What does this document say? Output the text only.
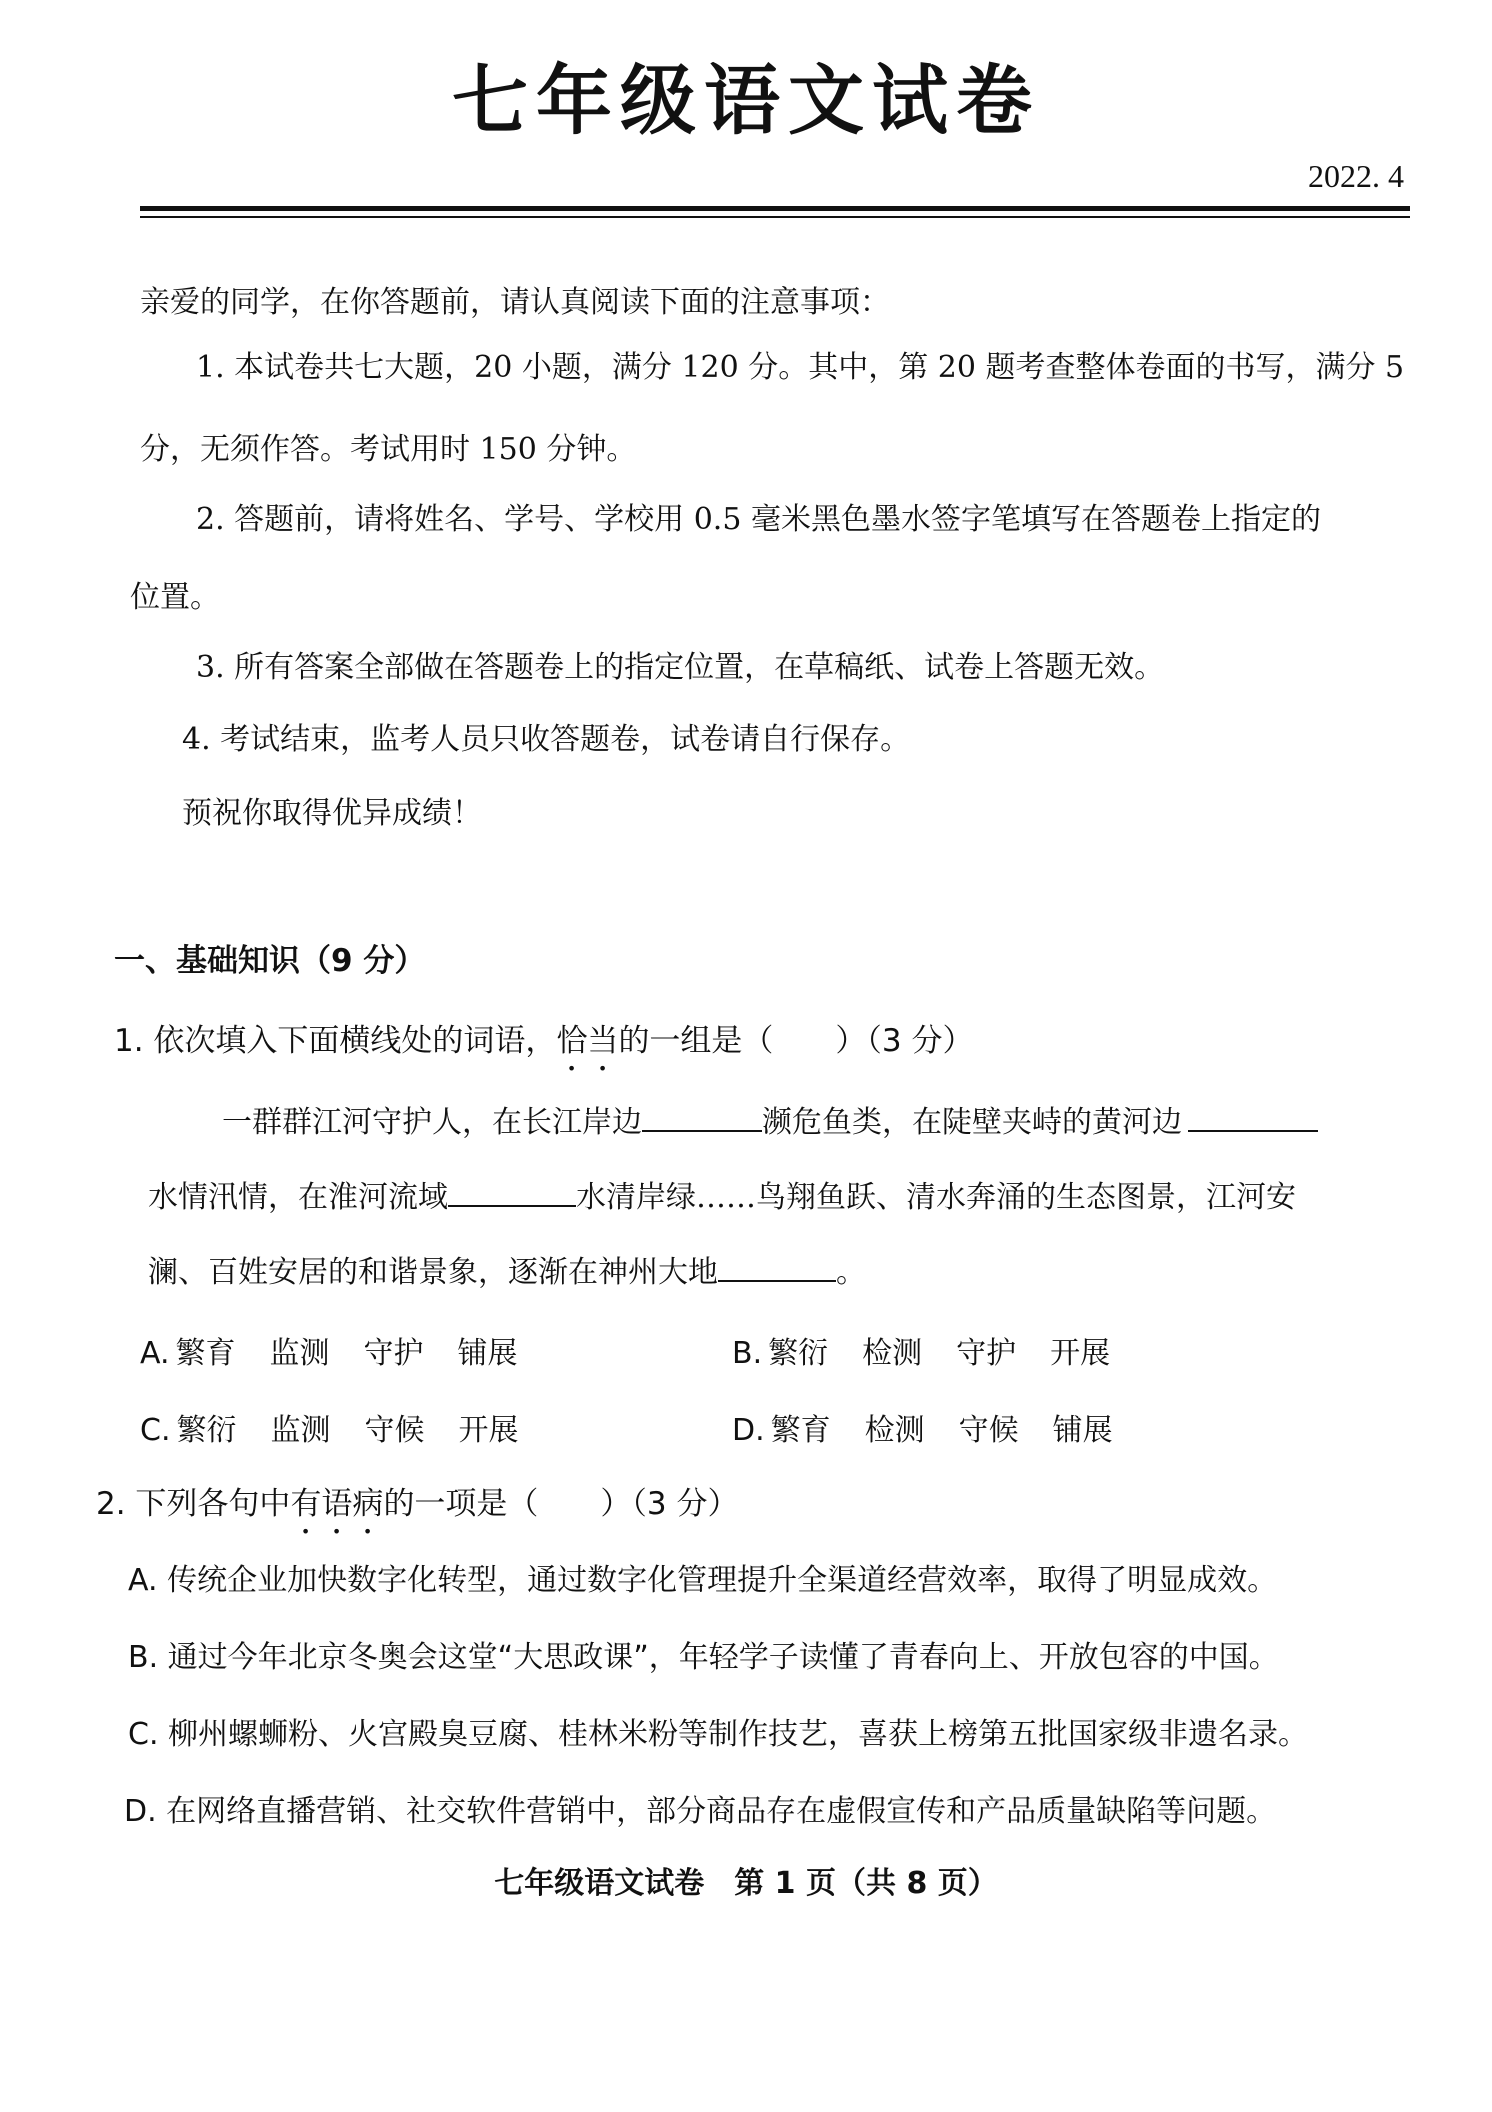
七年级语文试卷
2022. 4
亲爱的同学，在你答题前，请认真阅读下面的注意事项：
1. 本试卷共七大题，20 小题，满分 120 分。其中，第 20 题考查整体卷面的书写，满分 5
分，无须作答。考试用时 150 分钟。
2. 答题前，请将姓名、学号、学校用 0.5 毫米黑色墨水签字笔填写在答题卷上指定的
位置。
3. 所有答案全部做在答题卷上的指定位置，在草稿纸、试卷上答题无效。
4. 考试结束，监考人员只收答题卷，试卷请自行保存。
预祝你取得优异成绩！
一、基础知识（9 分）
1. 依次填入下面横线处的词语，恰当的一组是（　　）（3 分）
一群群江河守护人，在长江岸边	濒危鱼类，在陡壁夹峙的黄河边
水情汛情，在淮河流域	水清岸绿……鸟翔鱼跃、清水奔涌的生态图景，江河安
澜、百姓安居的和谐景象，逐渐在神州大地	。
A. 繁育 监测 守护 铺展	B. 繁衍 检测 守护 开展
C. 繁衍 监测 守候 开展	D. 繁育 检测 守候 铺展
2. 下列各句中有语病的一项是（　　）（3 分）
A. 传统企业加快数字化转型，通过数字化管理提升全渠道经营效率，取得了明显成效。
B. 通过今年北京冬奥会这堂“大思政课”，年轻学子读懂了青春向上、开放包容的中国。
C. 柳州螺蛳粉、火宫殿臭豆腐、桂林米粉等制作技艺，喜获上榜第五批国家级非遗名录。
D. 在网络直播营销、社交软件营销中，部分商品存在虚假宣传和产品质量缺陷等问题。
七年级语文试卷　第 1 页（共 8 页）
